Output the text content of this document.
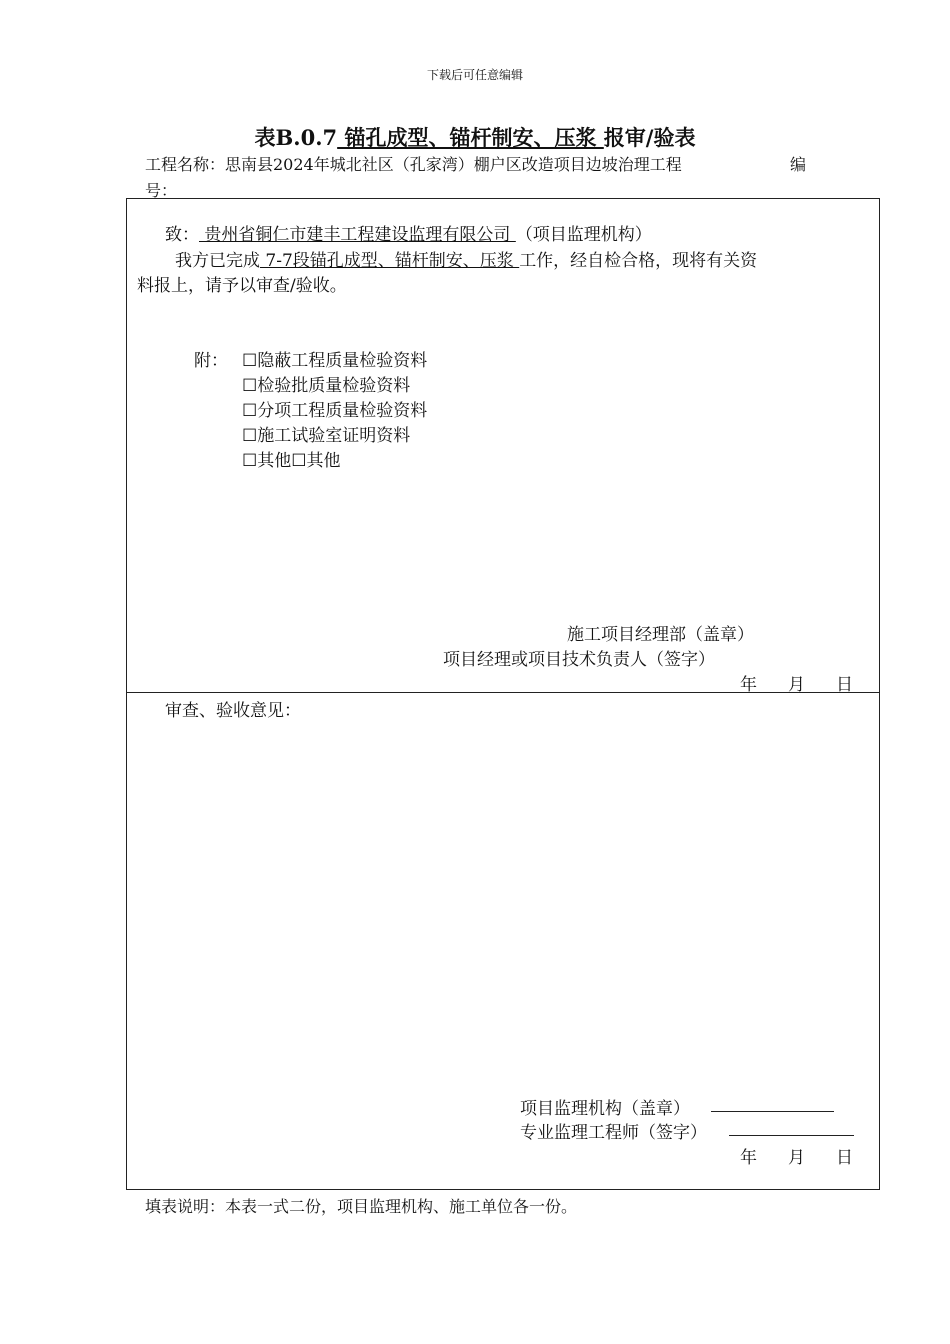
下载后可任意编辑
表B.0.7 锚孔成型、锚杆制安、压浆 报审/验表
工程名称：思南县2024年城北社区（孔家湾）棚户区改造项目边坡治理工程	编
号：
致： 贵州省铜仁市建丰工程建设监理有限公司 （项目监理机构）
我方已完成 7-7段锚孔成型、锚杆制安、压浆 工作，经自检合格，现将有关资
料报上，请予以审查/验收。
附： ☐隐蔽工程质量检验资料
☐检验批质量检验资料
☐分项工程质量检验资料
☐施工试验室证明资料
☐其他☐其他
施工项目经理部（盖章）
项目经理或项目技术负责人（签字）
年 月 日
审查、验收意见：
项目监理机构（盖章）
专业监理工程师（签字）
年 月 日
填表说明：本表一式二份，项目监理机构、施工单位各一份。
